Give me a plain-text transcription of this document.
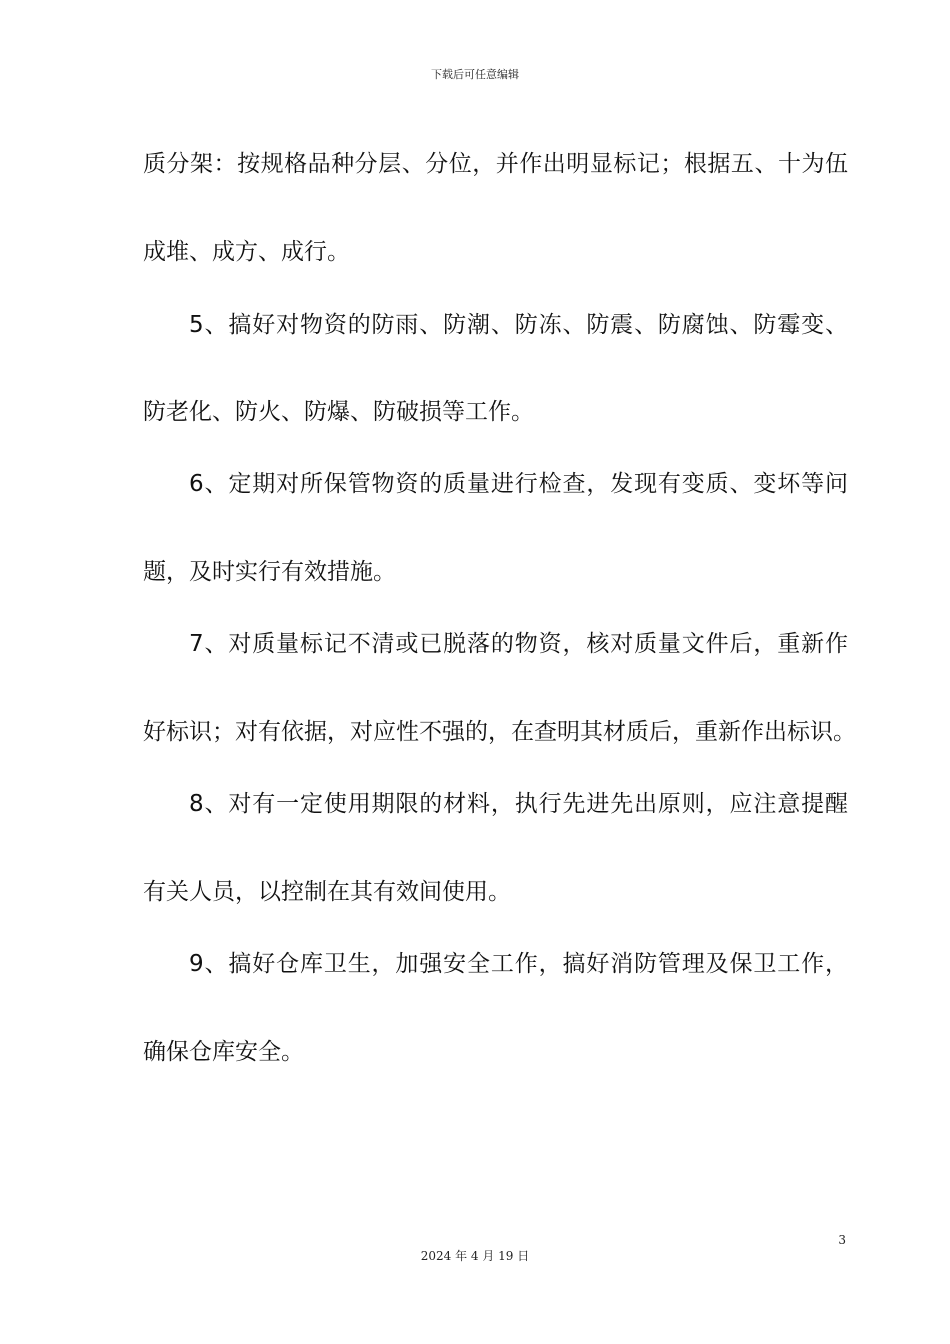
下载后可任意编辑
质分架：按规格品种分层、分位，并作出明显标记；根据五、十为伍
成堆、成方、成行。
5、搞好对物资的防雨、防潮、防冻、防震、防腐蚀、防霉变、
防老化、防火、防爆、防破损等工作。
6、定期对所保管物资的质量进行检查，发现有变质、变坏等问
题，及时实行有效措施。
7、对质量标记不清或已脱落的物资，核对质量文件后，重新作
好标识；对有依据，对应性不强的，在查明其材质后，重新作出标识。
8、对有一定使用期限的材料，执行先进先出原则，应注意提醒
有关人员，以控制在其有效间使用。
9、搞好仓库卫生，加强安全工作，搞好消防管理及保卫工作，
确保仓库安全。
3
2024 年 4 月 19 日
